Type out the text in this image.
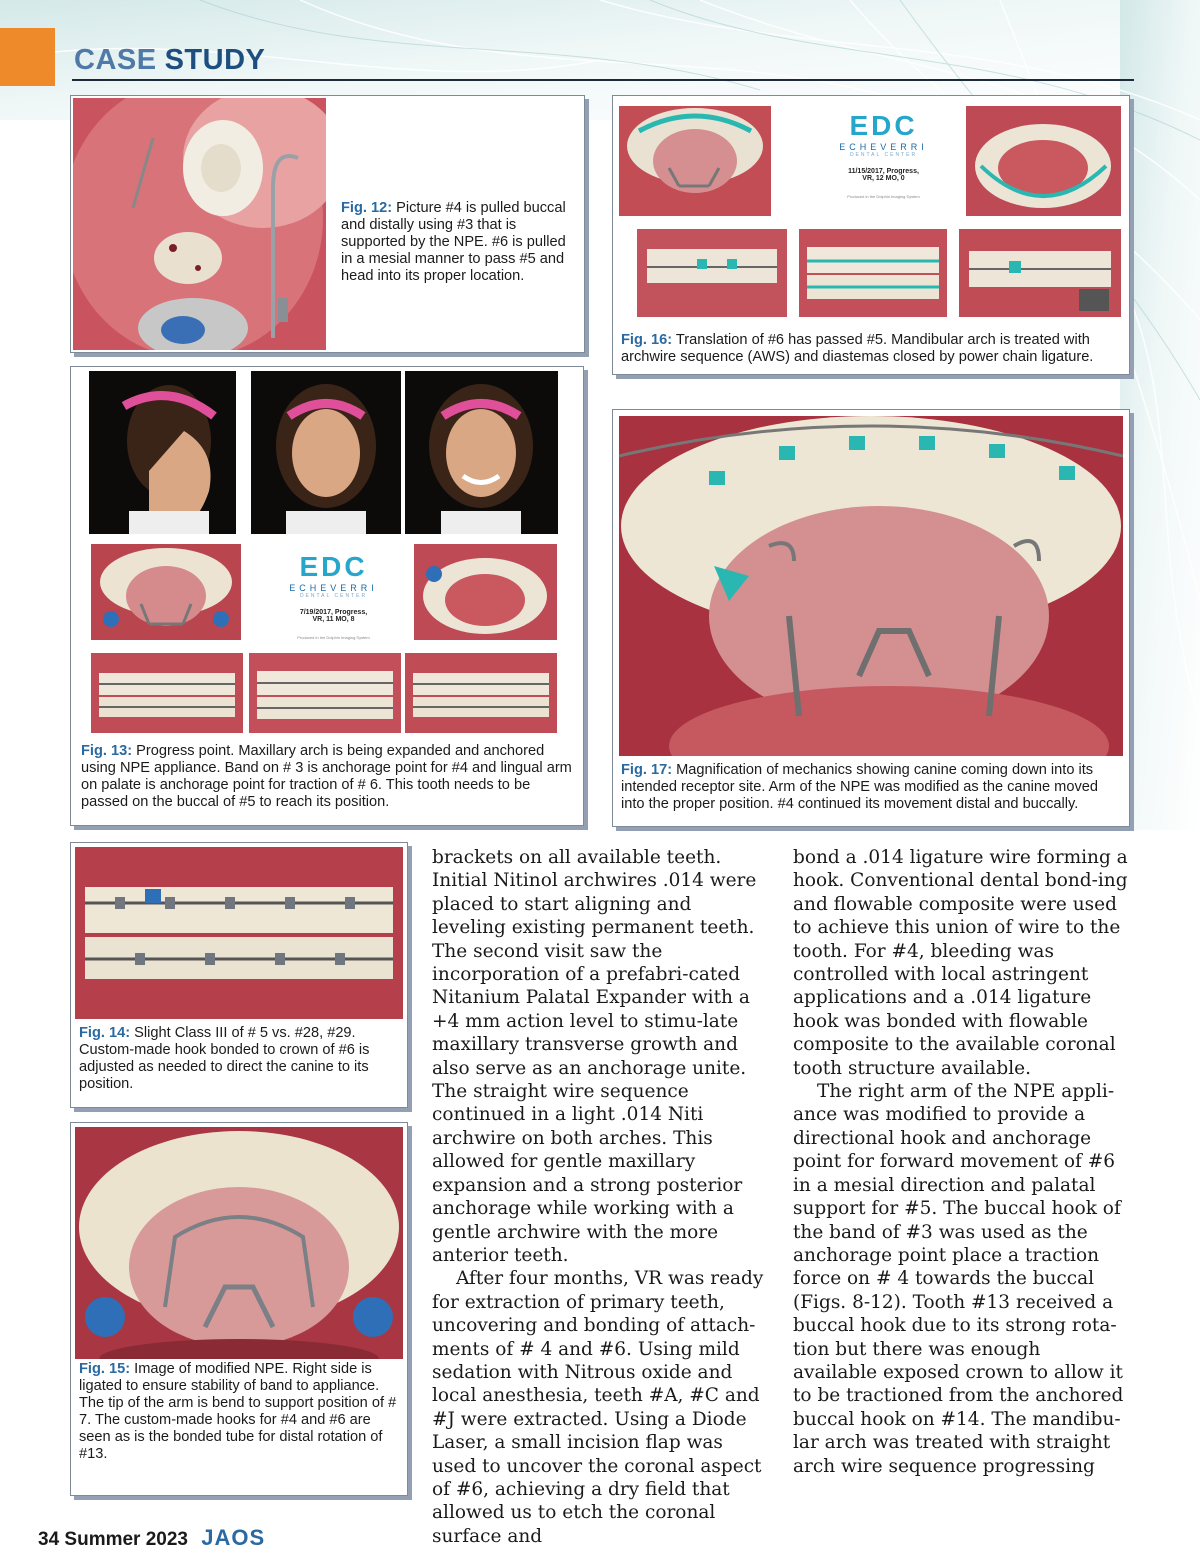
CASE STUDY
Fig. 12: Picture #4 is pulled buccal and distally using #3 that is supported by the NPE. #6 is pulled in a mesial manner to pass #5 and head into its proper location.
EDC
ECHEVERRI
DENTAL CENTER
11/15/2017, Progress,
VR, 12 MO, 0
Produced in the Dolphin Imaging System
Fig. 16: Translation of #6 has passed #5. Mandibular arch is treated with archwire sequence (AWS) and diastemas closed by power chain ligature.
EDC
ECHEVERRI
DENTAL CENTER
7/19/2017, Progress,
VR, 11 MO, 8
Produced in the Dolphin Imaging System
Fig. 13: Progress point. Maxillary arch is being expanded and anchored using NPE appliance. Band on # 3 is anchorage point for #4 and lingual arm on palate is anchorage point for traction of # 6. This tooth needs to be passed on the buccal of #5 to reach its position.
Fig. 17: Magnification of mechanics showing canine coming down into its intended receptor site. Arm of the NPE was modified as the canine moved into the proper position. #4 continued its movement distal and buccally.
Fig. 14: Slight Class III of # 5 vs. #28, #29. Custom-made hook bonded to crown of #6 is adjusted as needed to direct the canine to its position.
Fig. 15: Image of modified NPE. Right side is ligated to ensure stability of band to appliance. The tip of the arm is bend to support position of # 7. The custom-made hooks for #4 and #6 are seen as is the bonded tube for distal rotation of #13.

brackets on all available teeth. Initial Nitinol archwires .014 were placed to start aligning and leveling existing permanent teeth. The second visit saw the incorporation of a prefabri-cated Nitanium Palatal Expander with a +4 mm action level to stimu-late maxillary transverse growth and also serve as an anchorage unite. The straight wire sequence continued in a light .014 Niti archwire on both arches. This allowed for gentle maxillary expansion and a strong posterior anchorage while working with a gentle archwire with the more anterior teeth.

After four months, VR was ready for extraction of primary teeth, uncovering and bonding of attach-ments of # 4 and #6. Using mild sedation with Nitrous oxide and local anesthesia, teeth #A, #C and #J were extracted. Using a Diode Laser, a small incision flap was used to uncover the coronal aspect of #6, achieving a dry field that allowed us to etch the coronal surface and

bond a .014 ligature wire forming a hook. Conventional dental bond-ing and flowable composite were used to achieve this union of wire to the tooth. For #4, bleeding was controlled with local astringent applications and a .014 ligature hook was bonded with flowable composite to the available coronal tooth structure available.

The right arm of the NPE appli-ance was modified to provide a directional hook and anchorage point for forward movement of #6 in a mesial direction and palatal support for #5. The buccal hook of the band of #3 was used as the anchorage point place a traction force on # 4 towards the buccal (Figs. 8-12). Tooth #13 received a buccal hook due to its strong rota-tion but there was enough available exposed crown to allow it to be tractioned from the anchored buccal hook on #14. The mandibu-lar arch was treated with straight arch wire sequence progressing

34 Summer 2023 JAOS
